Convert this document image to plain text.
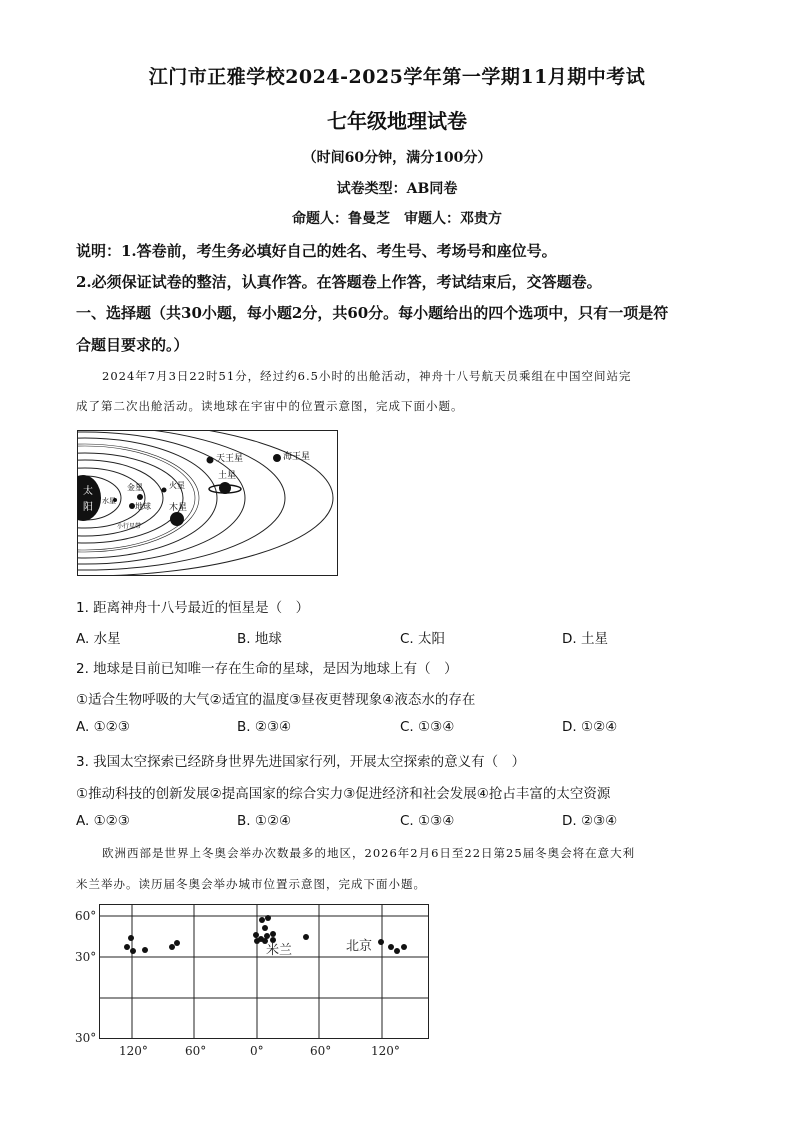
江门市正雅学校2024-2025学年第一学期11月期中考试
七年级地理试卷
（时间60分钟，满分100分）
试卷类型：AB同卷
命题人：鲁曼芝　审题人：邓贵方
说明：1.答卷前，考生务必填好自己的姓名、考生号、考场号和座位号。
2.必须保证试卷的整洁，认真作答。在答题卷上作答，考试结束后，交答题卷。
一、选择题（共30小题，每小题2分，共60分。每小题给出的四个选项中，只有一项是符
合题目要求的。）
2024年7月3日22时51分，经过约6.5小时的出舱活动，神舟十八号航天员乘组在中国空间站完
成了第二次出舱活动。读地球在宇宙中的位置示意图，完成下面小题。
太
阳
水星
金星
地球
火星
小行星带
木星
土星
天王星	海王星
1. 距离神舟十八号最近的恒星是（　）
A. 水星	B. 地球	C. 太阳	D. 土星
2. 地球是目前已知唯一存在生命的星球，是因为地球上有（　）
①适合生物呼吸的大气②适宜的温度③昼夜更替现象④液态水的存在
A. ①②③	B. ②③④	C. ①③④	D. ①②④
3. 我国太空探索已经跻身世界先进国家行列，开展太空探索的意义有（　）
①推动科技的创新发展②提高国家的综合实力③促进经济和社会发展④抢占丰富的太空资源
A. ①②③	B. ①②④	C. ①③④	D. ②③④
欧洲西部是世界上冬奥会举办次数最多的地区，2026年2月6日至22日第25届冬奥会将在意大利
米兰举办。读历届冬奥会举办城市位置示意图，完成下面小题。
米兰	北京
60°
30°
30°
120°	60°	0°	60°	120°
